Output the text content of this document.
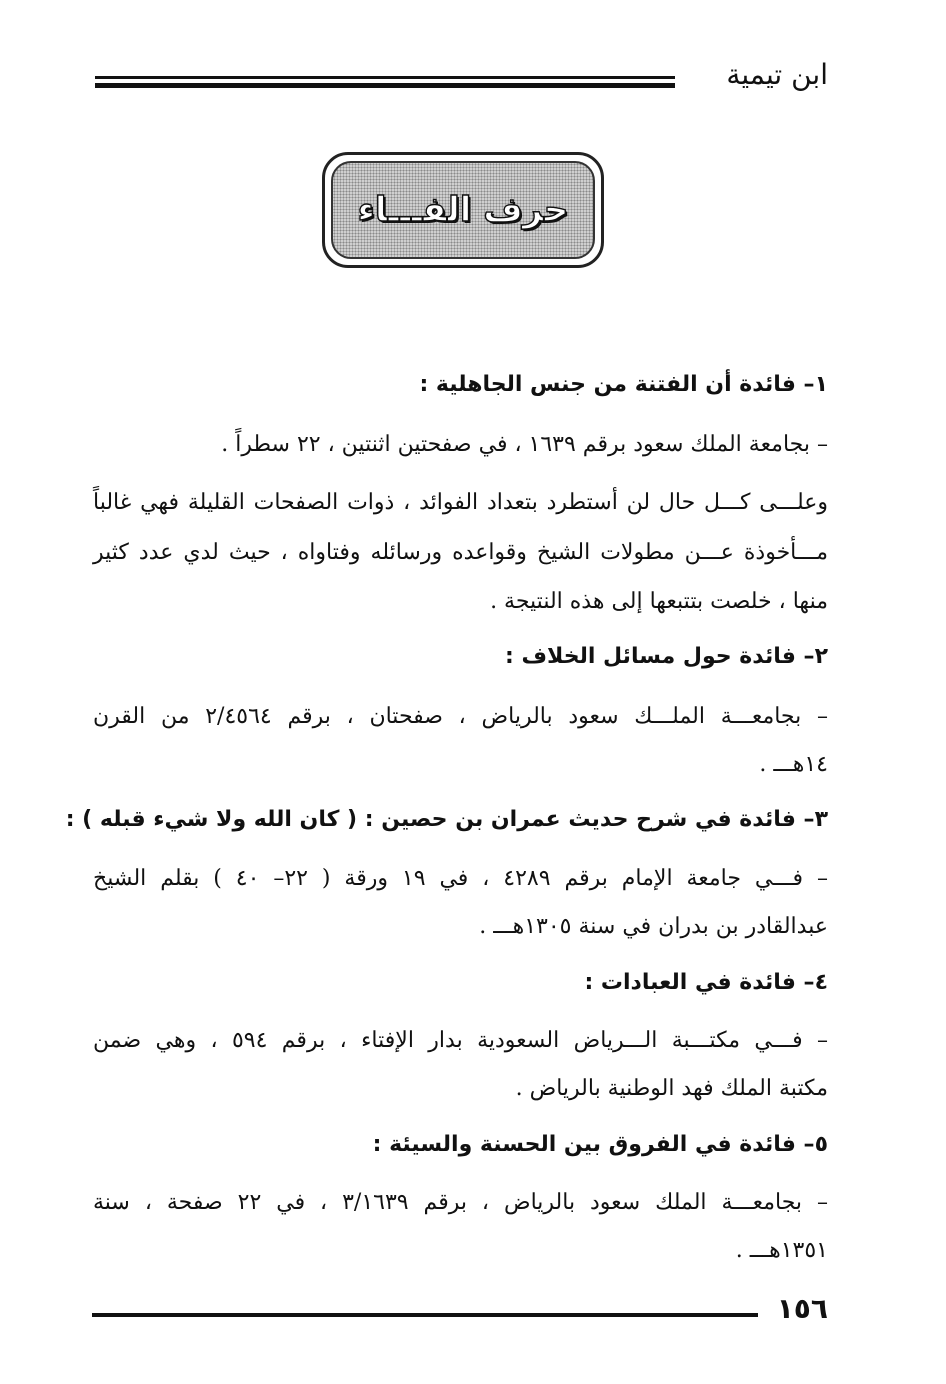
ابن تيمية
حرف الفـــاء
١– فائدة أن الفتنة من جنس الجاهلية :
– بجامعة الملك سعود برقم ١٦٣٩ ، في صفحتين اثنتين ، ٢٢ سطراً .
وعلـــى كـــل حال لن أستطرد بتعداد الفوائد ، ذوات الصفحات القليلة فهي غالباً
مـــأخوذة عـــن مطولات الشيخ وقواعده ورسائله وفتاواه ، حيث لدي عدد كثير
منها ، خلصت بتتبعها إلى هذه النتيجة .
٢– فائدة حول مسائل الخلاف :
– بجامعـــة الملـــك سعود بالرياض ، صفحتان ، برقم ٢/٤٥٦٤ من القرن
١٤هـــ .
٣– فائدة في شرح حديث عمران بن حصين : ( كان الله ولا شيء قبله ) :
– فـــي جامعة الإمام برقم ٤٢٨٩ ، في ١٩ ورقة ( ٢٢– ٤٠ ) بقلم الشيخ
عبدالقادر بن بدران في سنة ١٣٠٥هـــ .
٤– فائدة في العبادات :
– فـــي مكتـــبة الـــرياض السعودية بدار الإفتاء ، برقم ٥٩٤ ، وهي ضمن
مكتبة الملك فهد الوطنية بالرياض .
٥– فائدة في الفروق بين الحسنة والسيئة :
– بجامعـــة الملك سعود بالرياض ، برقم ٣/١٦٣٩ ، في ٢٢ صفحة ، سنة
١٣٥١هـــ .
١٥٦
